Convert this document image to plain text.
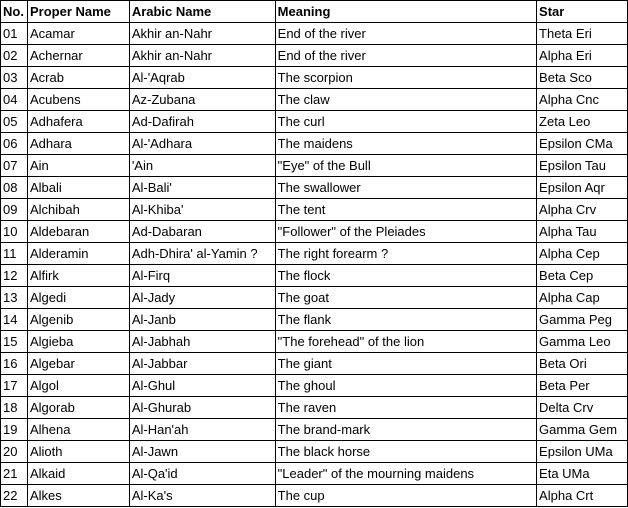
No.	Proper Name	Arabic Name	Meaning	Star
01	Acamar	Akhir an-Nahr	End of the river	Theta Eri
02	Achernar	Akhir an-Nahr	End of the river	Alpha Eri
03	Acrab	Al-'Aqrab	The scorpion	Beta Sco
04	Acubens	Az-Zubana	The claw	Alpha Cnc
05	Adhafera	Ad-Dafirah	The curl	Zeta Leo
06	Adhara	Al-'Adhara	The maidens	Epsilon CMa
07	Ain	'Ain	"Eye" of the Bull	Epsilon Tau
08	Albali	Al-Bali'	The swallower	Epsilon Aqr
09	Alchibah	Al-Khiba'	The tent	Alpha Crv
10	Aldebaran	Ad-Dabaran	"Follower" of the Pleiades	Alpha Tau
11	Alderamin	Adh-Dhira' al-Yamin ?	The right forearm ?	Alpha Cep
12	Alfirk	Al-Firq	The flock	Beta Cep
13	Algedi	Al-Jady	The goat	Alpha Cap
14	Algenib	Al-Janb	The flank	Gamma Peg
15	Algieba	Al-Jabhah	"The forehead" of the lion	Gamma Leo
16	Algebar	Al-Jabbar	The giant	Beta Ori
17	Algol	Al-Ghul	The ghoul	Beta Per
18	Algorab	Al-Ghurab	The raven	Delta Crv
19	Alhena	Al-Han'ah	The brand-mark	Gamma Gem
20	Alioth	Al-Jawn	The black horse	Epsilon UMa
21	Alkaid	Al-Qa'id	"Leader" of the mourning maidens	Eta UMa
22	Alkes	Al-Ka's	The cup	Alpha Crt
